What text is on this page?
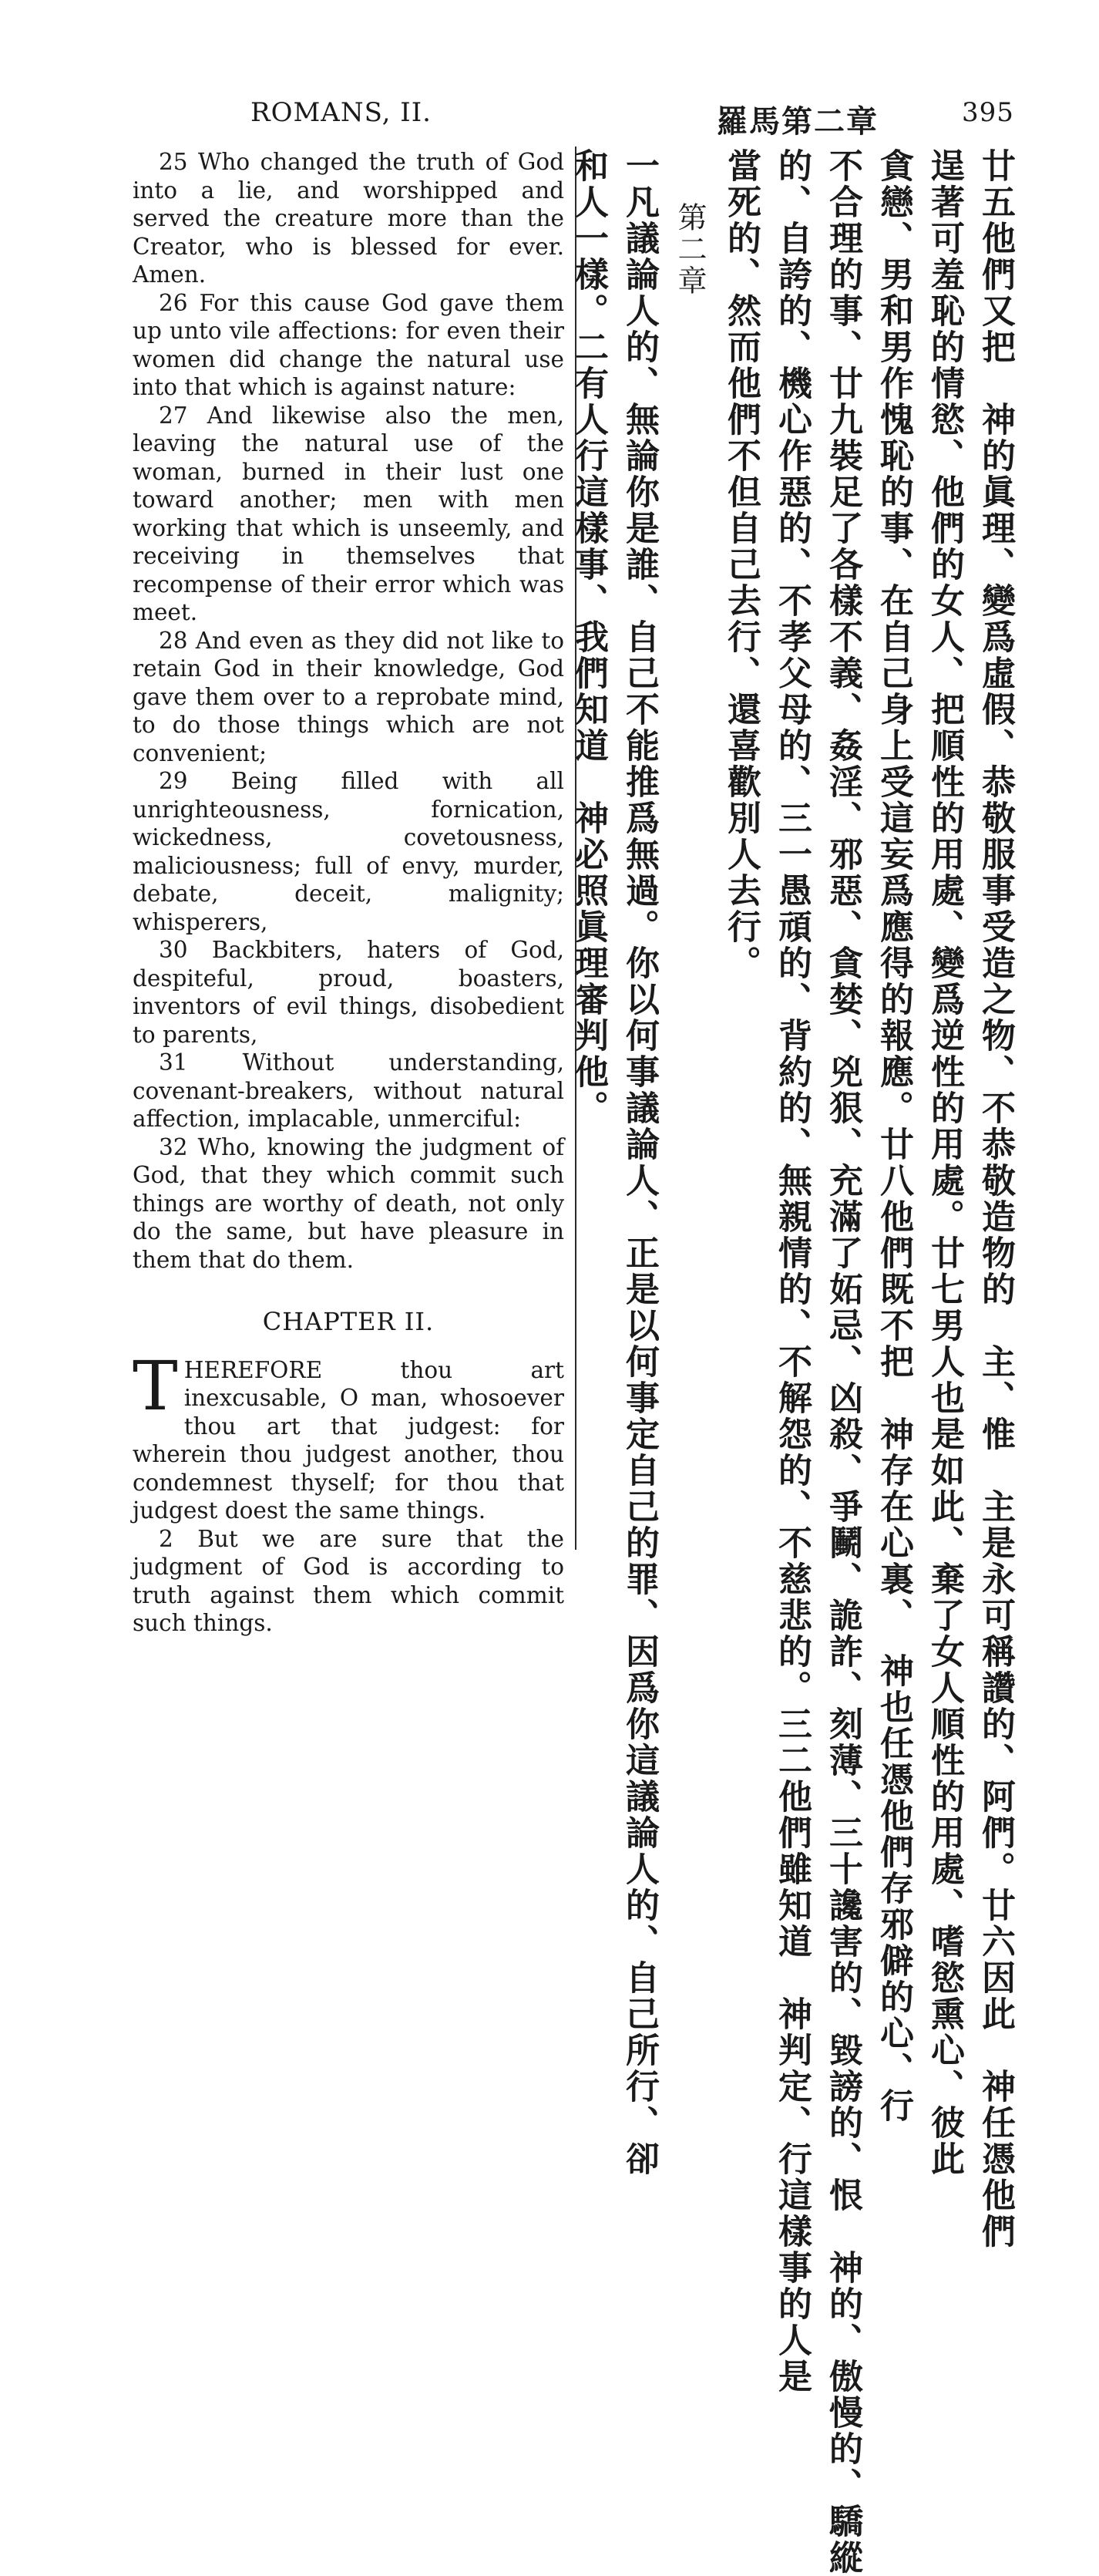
ROMANS, II.	羅馬第二章	395

25 Who changed the truth of God into a lie, and worshipped and served the creature more than the Creator, who is blessed for ever. Amen.

26 For this cause God gave them up unto vile affections: for even their women did change the natural use into that which is against nature:

27 And likewise also the men, leaving the natural use of the woman, burned in their lust one toward another; men with men working that which is unseemly, and receiving in themselves that recompense of their error which was meet.

28 And even as they did not like to retain God in their knowledge, God gave them over to a reprobate mind, to do those things which are not convenient;

29 Being filled with all unrighteousness, fornication, wickedness, covetousness, maliciousness; full of envy, murder, debate, deceit, malignity; whisperers,

30 Backbiters, haters of God, despiteful, proud, boasters, inventors of evil things, disobedient to parents,

31 Without understanding, covenant-breakers, without natural affection, implacable, unmerciful:

32 Who, knowing the judgment of God, that they which commit such things are worthy of death, not only do the same, but have pleasure in them that do them.

CHAPTER II.

THEREFORE thou art inexcusable, O man, whosoever thou art that judgest: for wherein thou judgest another, thou condemnest thyself; for thou that judgest doest the same things.

2 But we are sure that the judgment of God is according to truth against them which commit such things.	廿五他們又把　神的眞理、變爲虛假、恭敬服事受造之物、不恭敬造物的　主、惟　主是永可稱讚的、阿們。廿六因此　神任憑他們
逞著可羞恥的情慾、他們的女人、把順性的用處、變爲逆性的用處。廿七男人也是如此、棄了女人順性的用處、嗜慾熏心、彼此
貪戀、男和男作愧恥的事、在自己身上受這妄爲應得的報應。廿八他們既不把　神存在心裏、　神也任憑他們存邪僻的心、行
不合理的事、廿九裝足了各樣不義、姦淫、邪惡、貪婪、兇狠、充滿了妬忌、凶殺、爭鬭、詭詐、刻薄、三十讒害的、毀謗的、恨　神的、傲慢的、驕縱
的、自誇的、機心作惡的、不孝父母的、三一愚頑的、背約的、無親情的、不解怨的、不慈悲的。三二他們雖知道　神判定、行這樣事的人是
當死的、然而他們不但自己去行、還喜歡別人去行。
第二章
一凡議論人的、無論你是誰、自己不能推爲無過。你以何事議論人、正是以何事定自己的罪、因爲你這議論人的、自己所行、卻
和人一樣。二有人行這樣事、我們知道　神必照眞理審判他。
